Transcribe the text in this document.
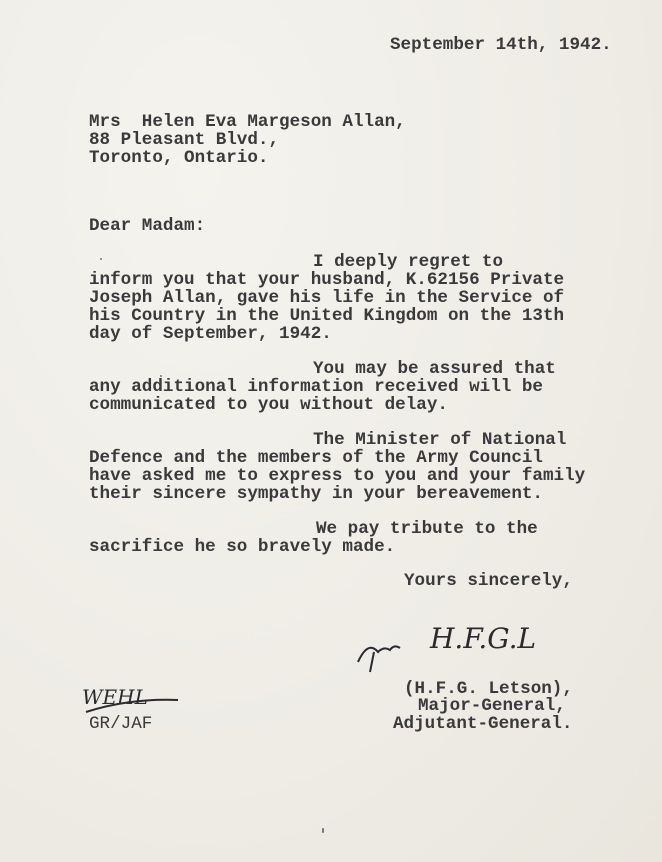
September 14th, 1942.
Mrs  Helen Eva Margeson Allan,
88 Pleasant Blvd.,
Toronto, Ontario.
Dear Madam:
I deeply regret to
inform you that your husband, K.62156 Private
Joseph Allan, gave his life in the Service of
his Country in the United Kingdom on the 13th
day of September, 1942.
You may be assured that
any additional information received will be
communicated to you without delay.
The Minister of National
Defence and the members of the Army Council
have asked me to express to you and your family
their sincere sympathy in your bereavement.
We pay tribute to the
sacrifice he so bravely made.
Yours sincerely,
H.F.G.L
(H.F.G. Letson),
Major-General,
Adjutant-General.
WEHL
GR/JAF
